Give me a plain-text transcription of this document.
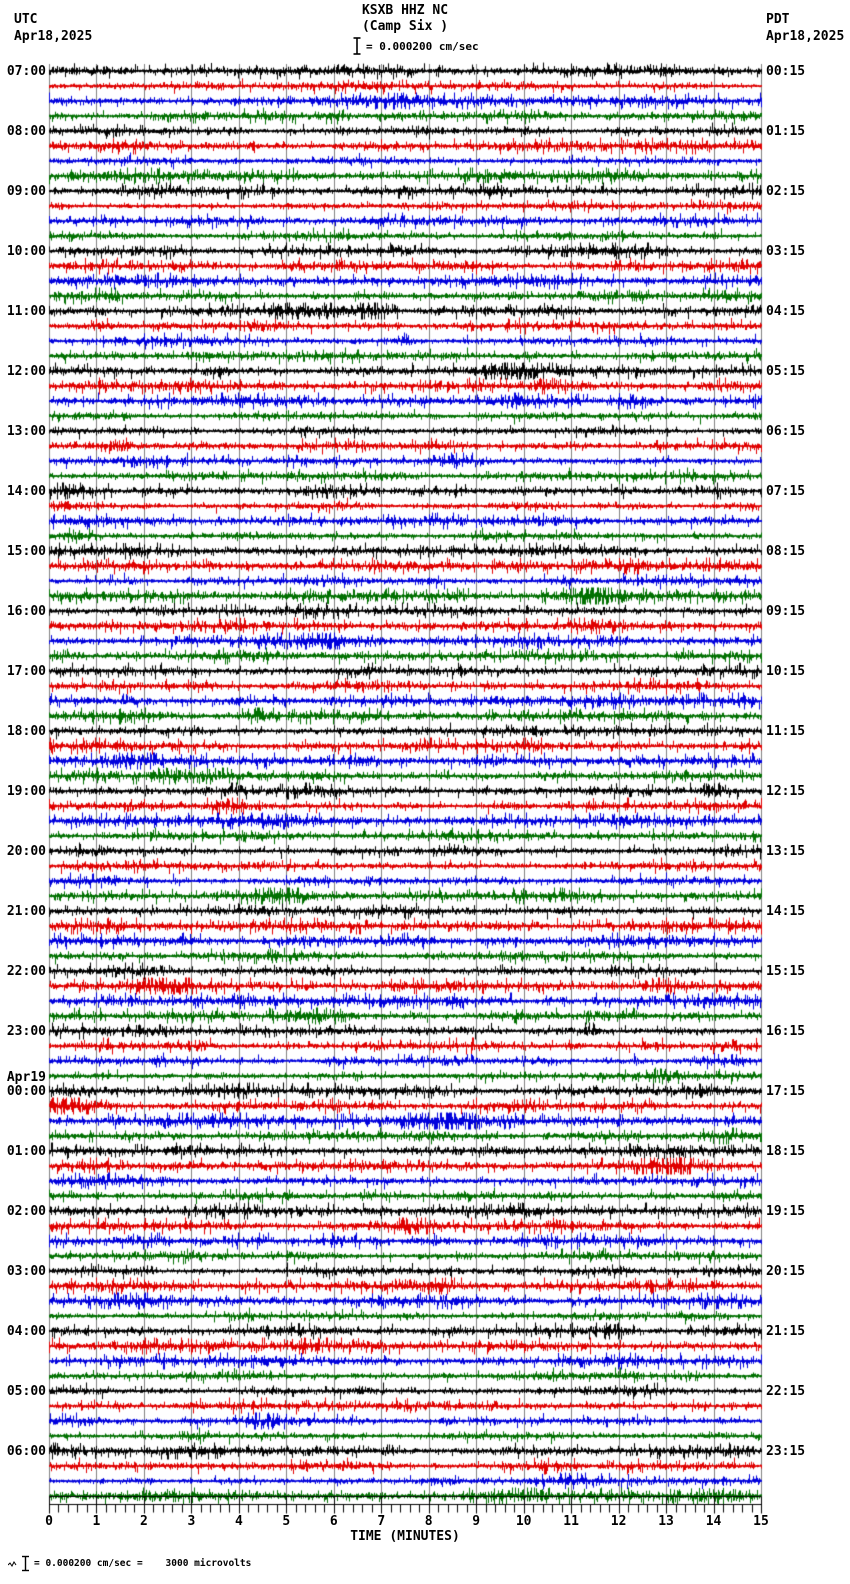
UTC
Apr18,2025
PDT
Apr18,2025
KSXB HHZ NC
(Camp Six )
= 0.000200 cm/sec
07:00
08:00
09:00
10:00
11:00
12:00
13:00
14:00
15:00
16:00
17:00
18:00
19:00
20:00
21:00
22:00
23:00
Apr19
00:00
01:00
02:00
03:00
04:00
05:00
06:00
00:15
01:15
02:15
03:15
04:15
05:15
06:15
07:15
08:15
09:15
10:15
11:15
12:15
13:15
14:15
15:15
16:15
17:15
18:15
19:15
20:15
21:15
22:15
23:15
0	1	2	3	4	5	6	7	8	9	10	11	12	13	14	15
TIME (MINUTES)
= 0.000200 cm/sec =    3000 microvolts
